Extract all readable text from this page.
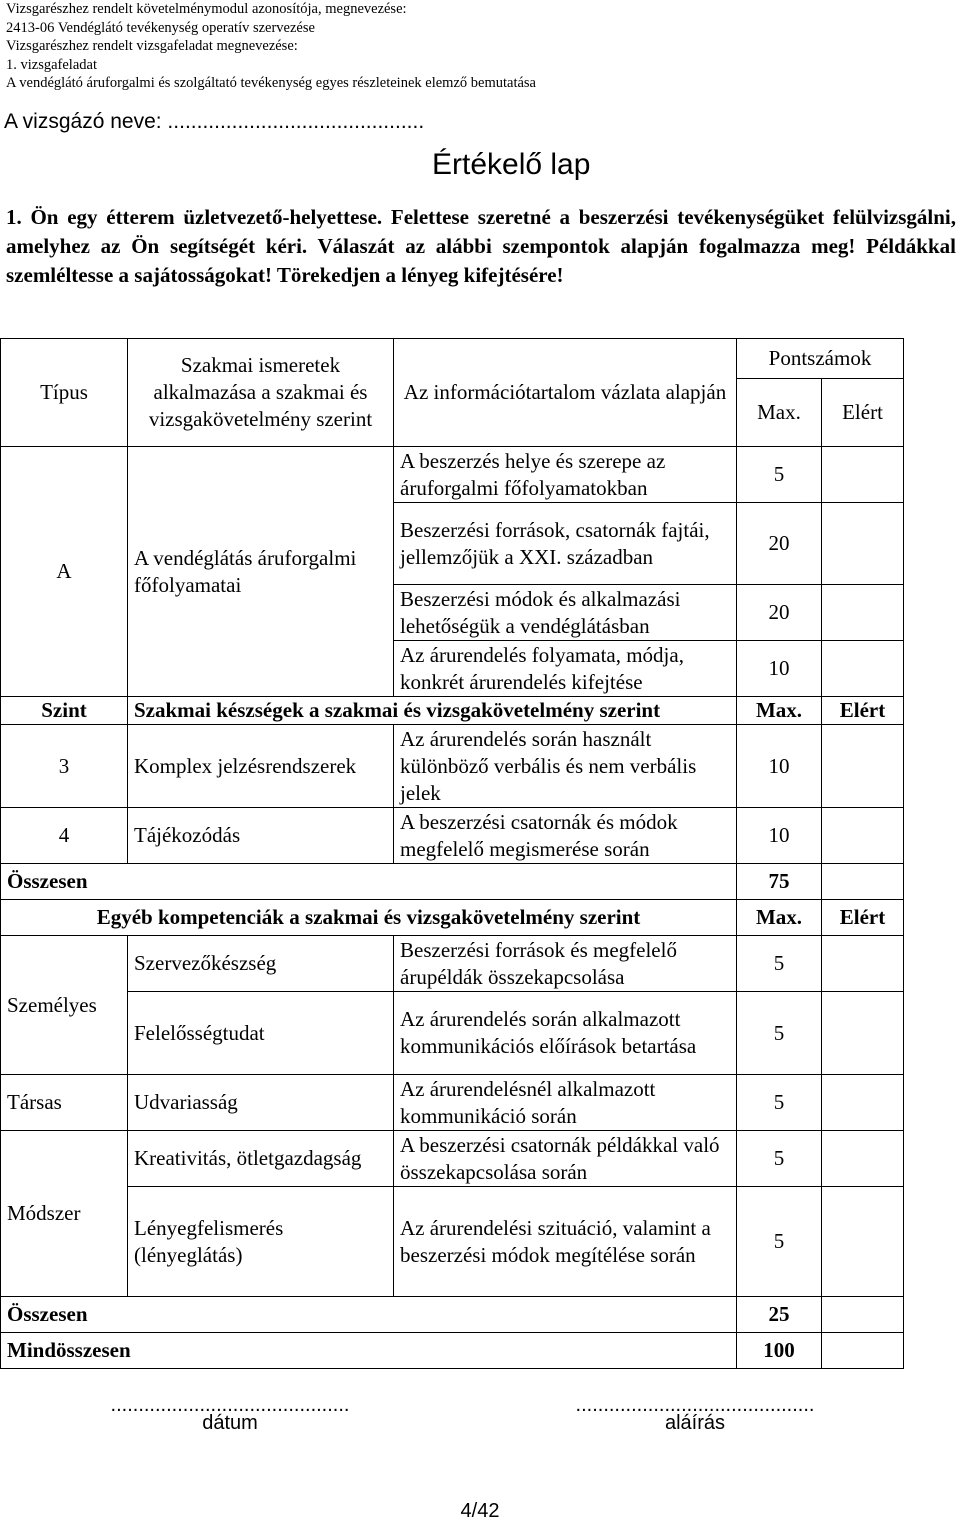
Vizsgarészhez rendelt követelménymodul azonosítója, megnevezése:
2413-06 Vendéglátó tevékenység operatív szervezése
Vizsgarészhez rendelt vizsgafeladat megnevezése:
1. vizsgafeladat
A vendéglátó áruforgalmi és szolgáltató tevékenység egyes részleteinek elemző bemutatása
A vizsgázó neve: ............................................
Értékelő lap
1. Ön egy étterem üzletvezető-helyettese. Felettese szeretné a beszerzési tevékenységüket felülvizsgálni, amelyhez az Ön segítségét kéri. Válaszát az alábbi szempontok alapján fogalmazza meg! Példákkal szemléltesse a sajátosságokat! Törekedjen a lényeg kifejtésére!
Típus	Szakmai ismeretek alkalmazása a szakmai és vizsgakövetelmény szerint	Az információtartalom vázlata alapján	Pontszámok	
			Max.	Elért
A	A vendéglátás áruforgalmi főfolyamatai	A beszerzés helye és szerepe az áruforgalmi főfolyamatokban	5	
		Beszerzési források, csatornák fajtái, jellemzőjük a XXI. században	20	
		Beszerzési módok és alkalmazási lehetőségük a vendéglátásban	20	
		Az árurendelés folyamata, módja, konkrét árurendelés kifejtése	10	
Szint	Szakmai készségek a szakmai és vizsgakövetelmény szerint		Max.	Elért
3	Komplex jelzésrendszerek	Az árurendelés során használt különböző verbális és nem verbális jelek	10	
4	Tájékozódás	A beszerzési csatornák és módok megfelelő megismerése során	10	
Összesen			75	
Egyéb kompetenciák a szakmai és vizsgakövetelmény szerint			Max.	Elért
Személyes	Szervezőkészség	Beszerzési források és megfelelő árupéldák összekapcsolása	5	
	Felelősségtudat	Az árurendelés során alkalmazott kommunikációs előírások betartása	5	
Társas	Udvariasság	Az árurendelésnél alkalmazott kommunikáció során	5	
Módszer	Kreativitás, ötletgazdagság	A beszerzési csatornák példákkal való összekapcsolása során	5	
	Lényegfelismerés (lényeglátás)	Az árurendelési szituáció, valamint a beszerzési módok megítélése során	5	
Összesen			25	
Mindösszesen			100	
...........................................
dátum
...........................................
aláírás
4/42
